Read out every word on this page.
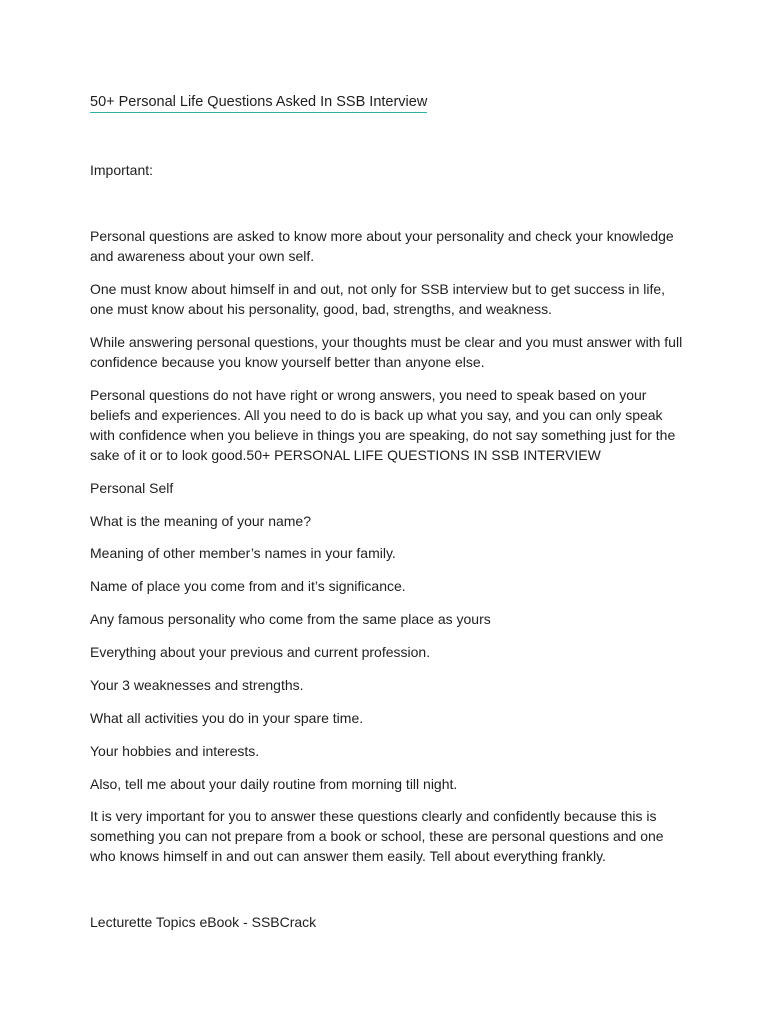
50+ Personal Life Questions Asked In SSB Interview

Important:

Personal questions are asked to know more about your personality and check your knowledge and awareness about your own self.

One must know about himself in and out, not only for SSB interview but to get success in life, one must know about his personality, good, bad, strengths, and weakness.

While answering personal questions, your thoughts must be clear and you must answer with full confidence because you know yourself better than anyone else.

Personal questions do not have right or wrong answers, you need to speak based on your beliefs and experiences. All you need to do is back up what you say, and you can only speak with confidence when you believe in things you are speaking, do not say something just for the sake of it or to look good.50+ PERSONAL LIFE QUESTIONS IN SSB INTERVIEW

Personal Self

What is the meaning of your name?

Meaning of other member’s names in your family.

Name of place you come from and it’s significance.

Any famous personality who come from the same place as yours

Everything about your previous and current profession.

Your 3 weaknesses and strengths.

What all activities you do in your spare time.

Your hobbies and interests.

Also, tell me about your daily routine from morning till night.

It is very important for you to answer these questions clearly and confidently because this is something you can not prepare from a book or school, these are personal questions and one who knows himself in and out can answer them easily. Tell about everything frankly.

Lecturette Topics eBook - SSBCrack
